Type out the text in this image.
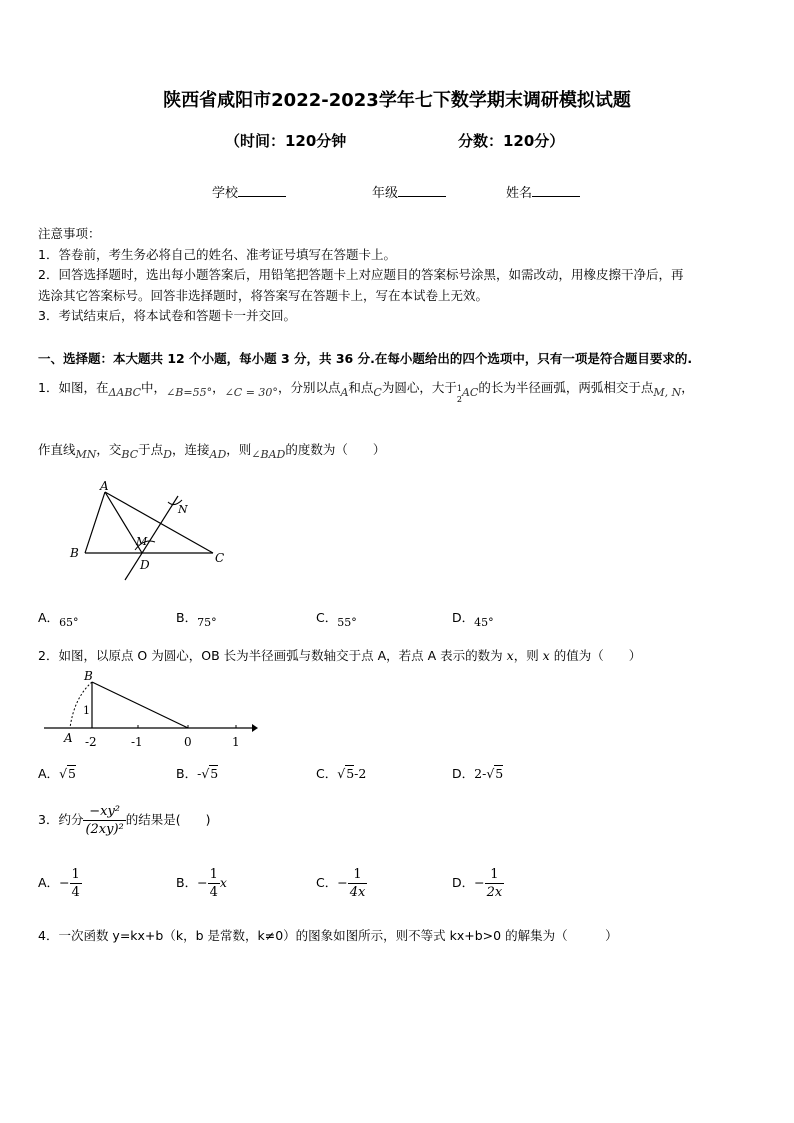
陕西省咸阳市2022-2023学年七下数学期末调研模拟试题
（时间：120分钟	分数：120分）
学校	年级	姓名
注意事项：
1．答卷前，考生务必将自己的姓名、准考证号填写在答题卡上。
2．回答选择题时，选出每小题答案后，用铅笔把答题卡上对应题目的答案标号涂黑，如需改动，用橡皮擦干净后，再
选涂其它答案标号。回答非选择题时，将答案写在答题卡上，写在本试卷上无效。
3．考试结束后，将本试卷和答题卡一并交回。
一、选择题：本大题共 12 个小题，每小题 3 分，共 36 分.在每小题给出的四个选项中，只有一项是符合题目要求的.
1．如图，在ΔABC中，∠B=55°，∠C = 30°，分别以点A和点C为圆心，大于 1
2
AC的长为半径画弧，两弧相交于点M, N，
作直线MN，交BC于点D，连接AD，则∠BAD的度数为（　　）
A
B	C
D
M
N
A．65°	B．75°	C．55°	D．45°
2．如图，以原点 O 为圆心，OB 长为半径画弧与数轴交于点 A，若点 A 表示的数为 x，则 x 的值为（　　）
B
A
1
-2	-1	0	1
A．√5	B．-√5	C．√5-2	D．2-√5
3．约分 $\frac{\text{−xy²}}{\text{(2xy)²}}$ 的结果是(　　)
A．− $\frac{1}{4}$	B．− $\frac{1}{4}$ x	C．− $\frac{1}{4x}$	D．− $\frac{1}{2x}$
4．一次函数 y=kx+b（k，b 是常数，k≠0）的图象如图所示，则不等式 kx+b>0 的解集为（　　　）
